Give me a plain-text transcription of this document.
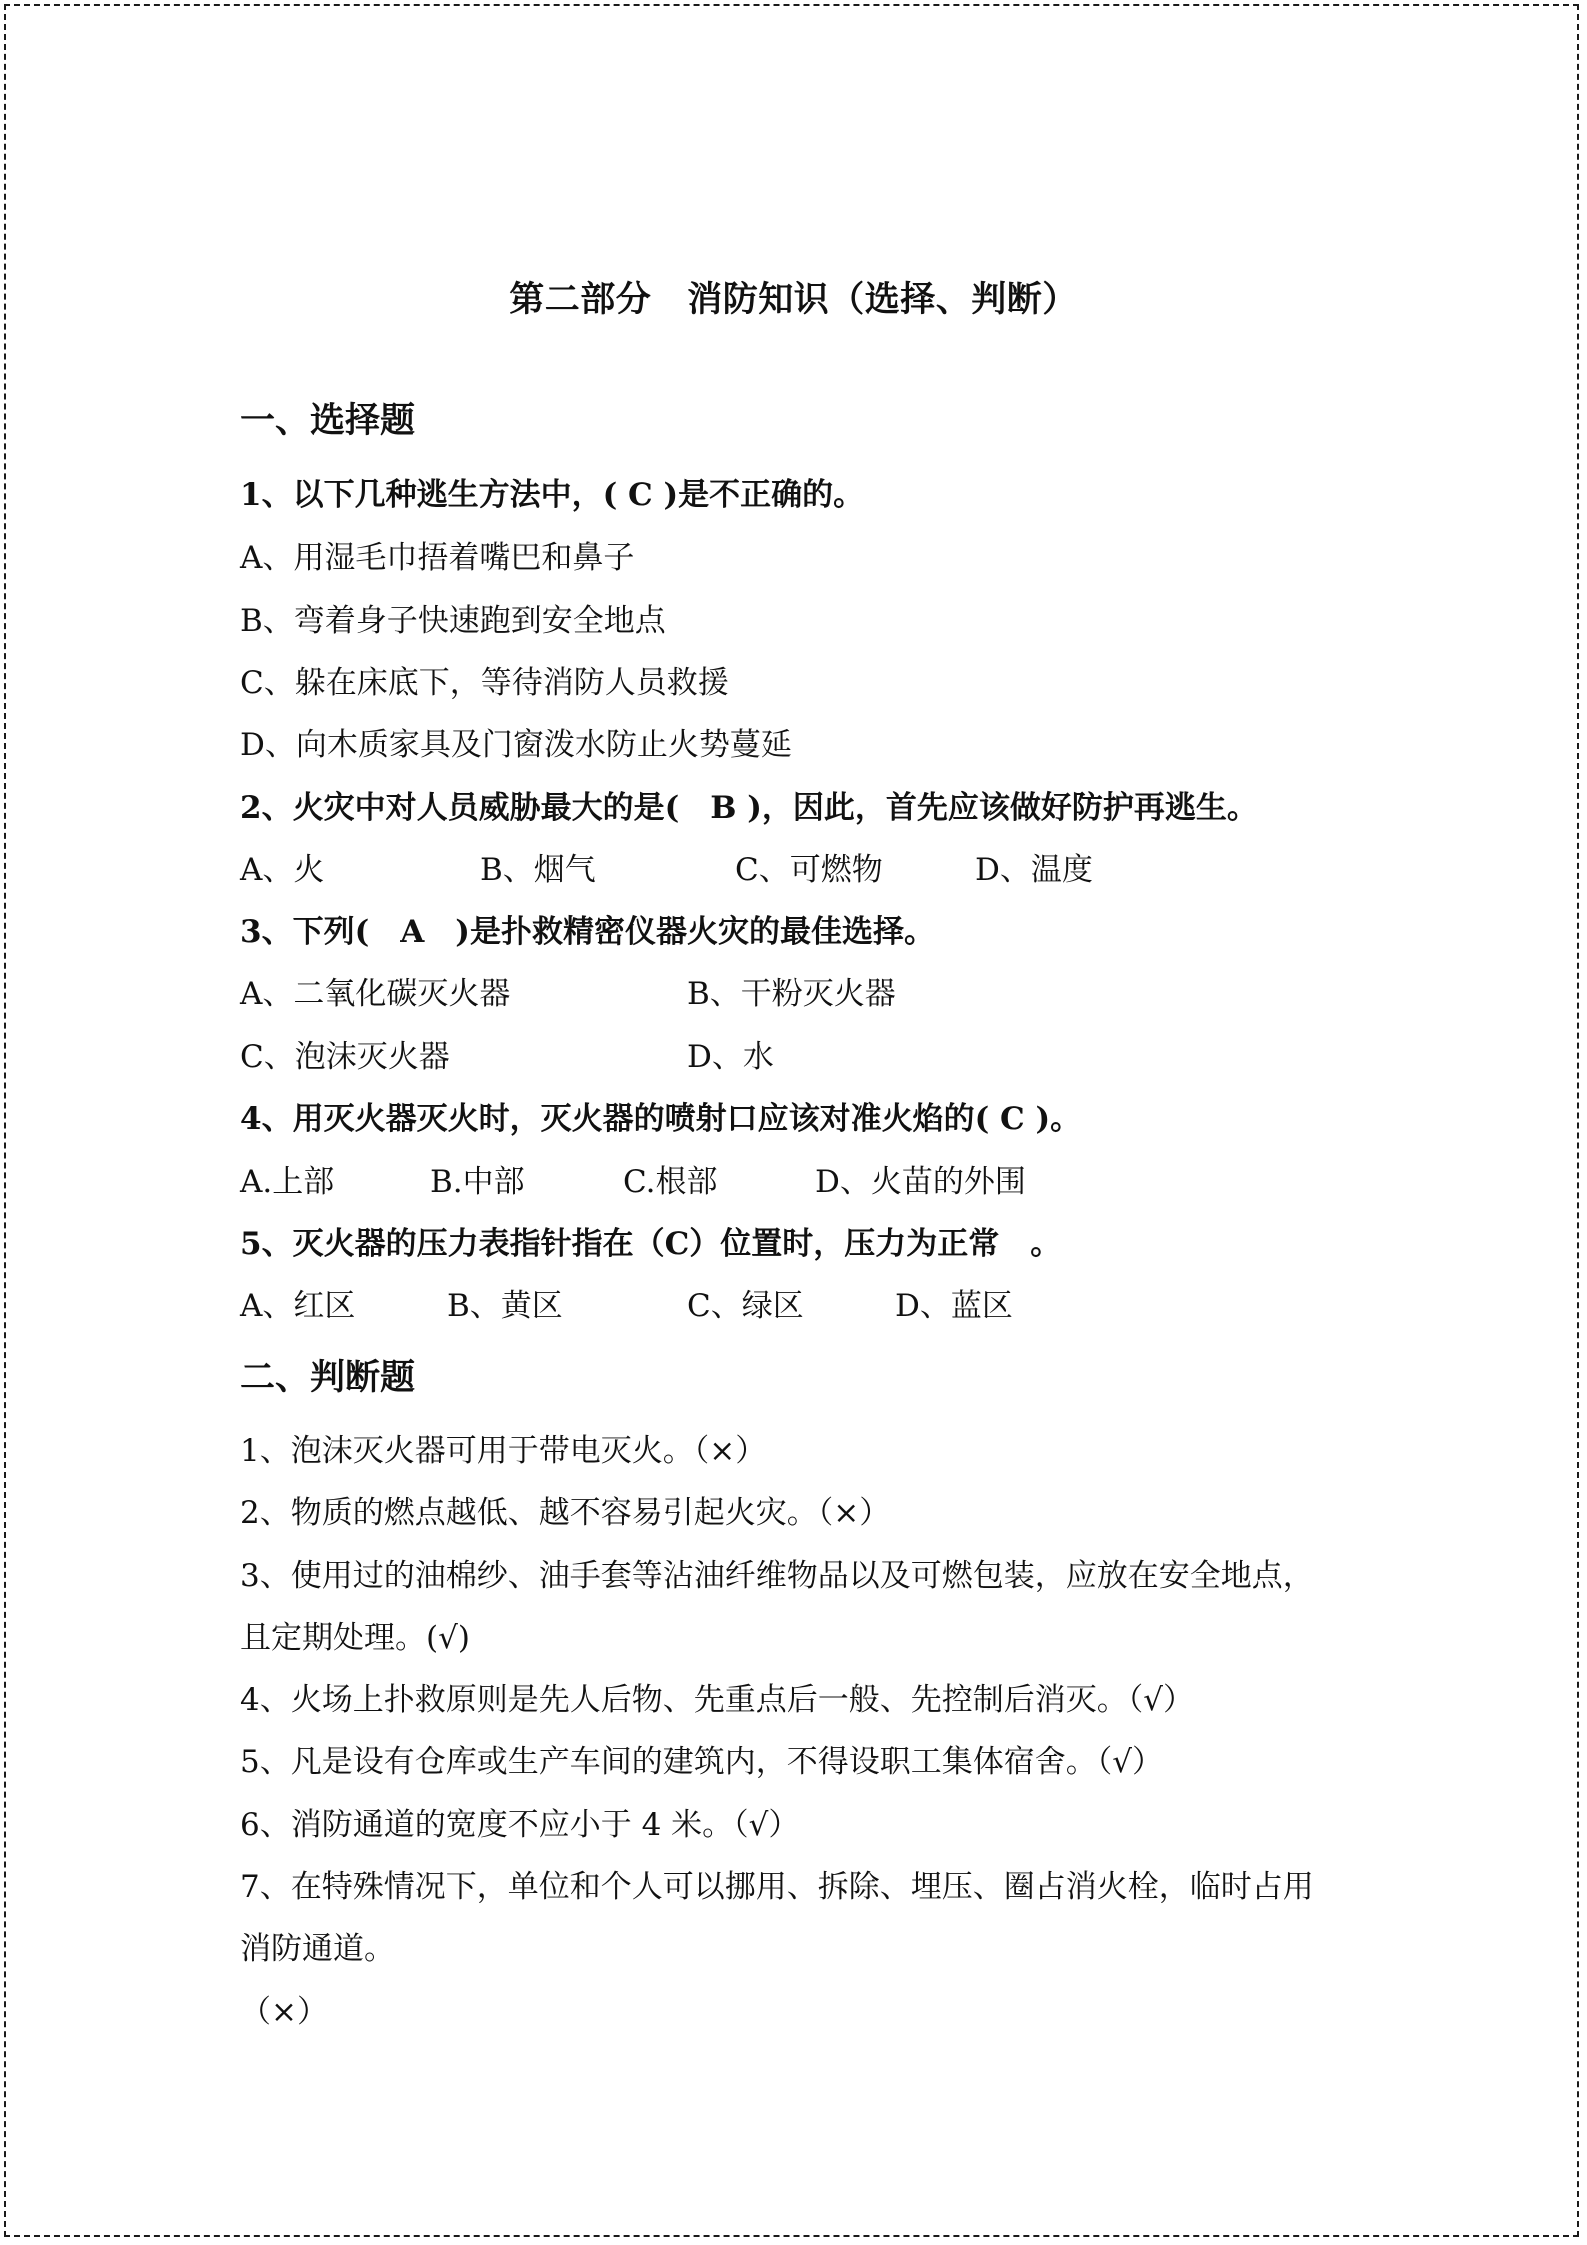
第二部分 消防知识（选择、判断）
一、选择题
1、以下几种逃生方法中，( C )是不正确的。
A、用湿毛巾捂着嘴巴和鼻子
B、弯着身子快速跑到安全地点
C、躲在床底下，等待消防人员救援
D、向木质家具及门窗泼水防止火势蔓延
2、火灾中对人员威胁最大的是(　B )，因此，首先应该做好防护再逃生。
A、火	B、烟气	C、可燃物	D、温度
3、下列(　A　)是扑救精密仪器火灾的最佳选择。
A、二氧化碳灭火器	B、干粉灭火器
C、泡沫灭火器	D、水
4、用灭火器灭火时，灭火器的喷射口应该对准火焰的( C )。
A.上部	B.中部	C.根部	D、火苗的外围
5、灭火器的压力表指针指在（C）位置时，压力为正常　。
A、红区	B、黄区	C、绿区	D、蓝区
二、判断题
1、泡沫灭火器可用于带电灭火。（×）
2、物质的燃点越低、越不容易引起火灾。（×）
3、使用过的油棉纱、油手套等沾油纤维物品以及可燃包装，应放在安全地点，
且定期处理。(√)
4、火场上扑救原则是先人后物、先重点后一般、先控制后消灭。（√）
5、凡是设有仓库或生产车间的建筑内，不得设职工集体宿舍。（√）
6、消防通道的宽度不应小于 4 米。（√）
7、在特殊情况下，单位和个人可以挪用、拆除、埋压、圈占消火栓，临时占用
消防通道。
（×）
